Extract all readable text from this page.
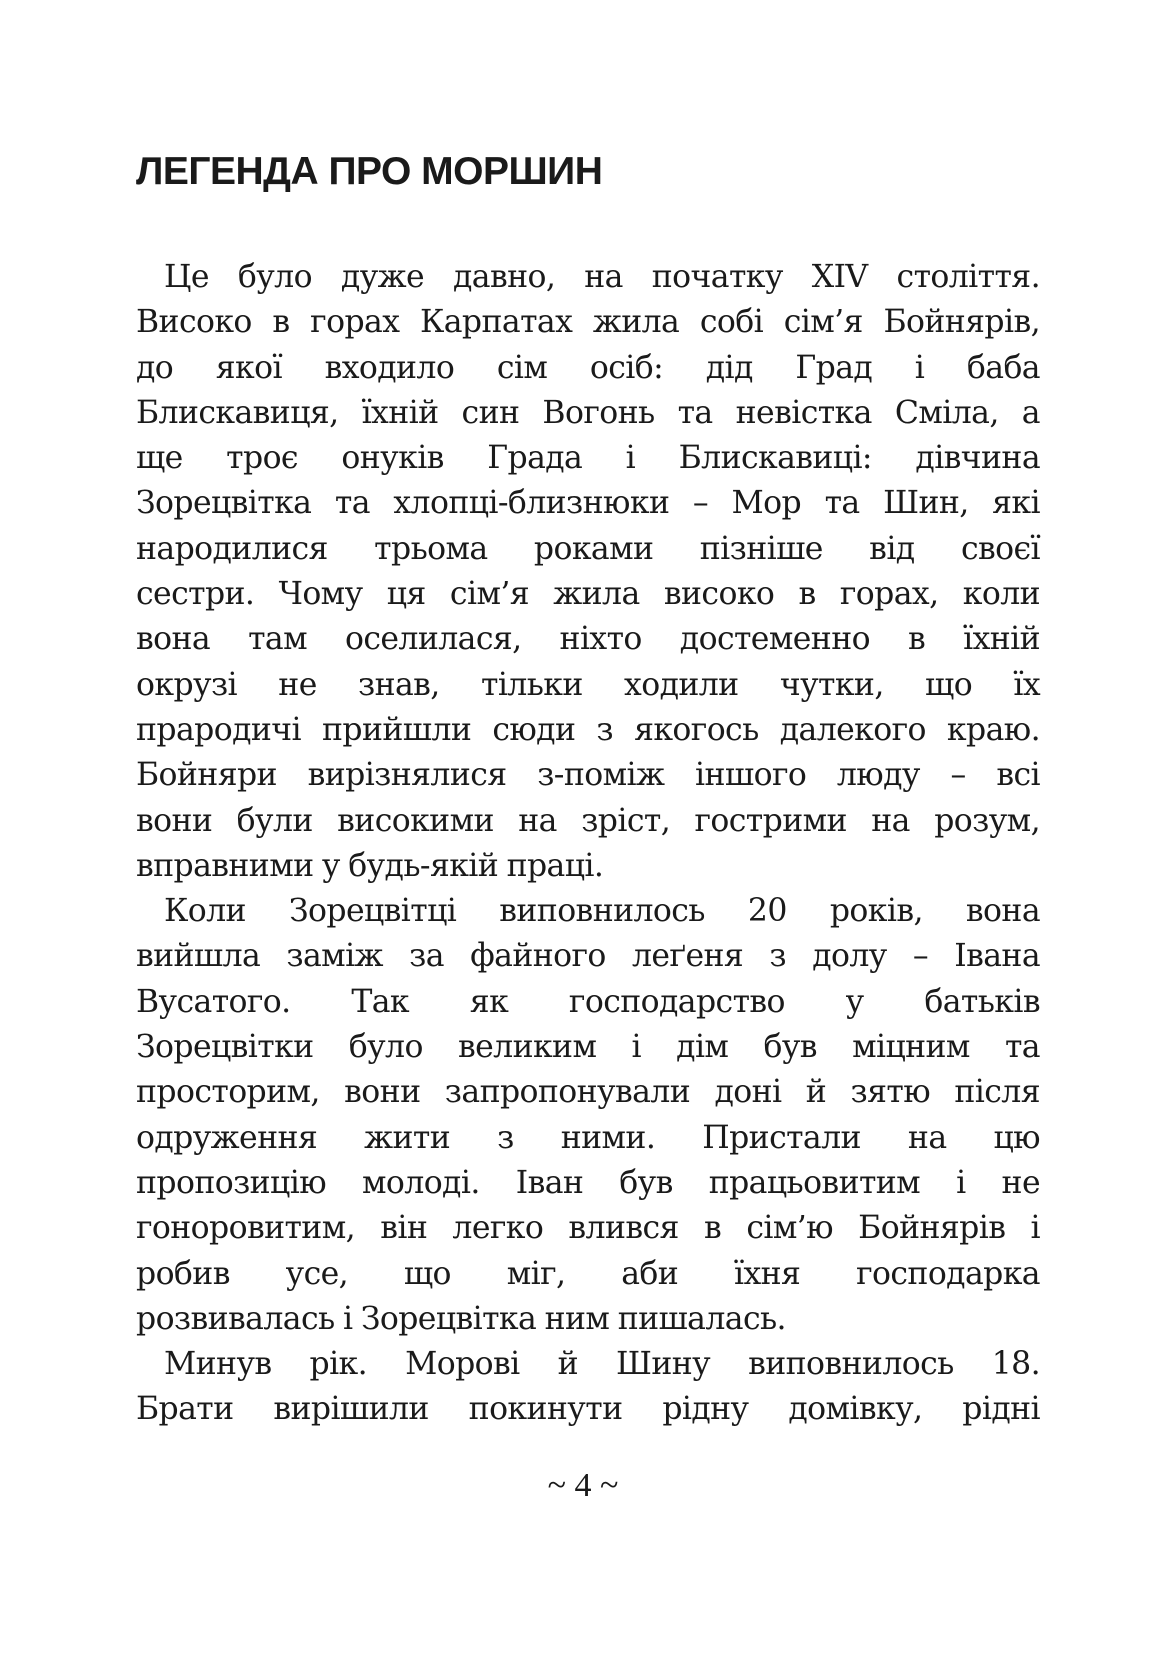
ЛЕГЕНДА ПРО МОРШИН
Це було дуже давно, на початку XIV століття.
Високо в горах Карпатах жила собі сім’я Бойнярів,
до якої входило сім осіб: дід Град і баба
Блискавиця, їхній син Вогонь та невістка Сміла, а
ще троє онуків Града і Блискавиці: дівчина
Зорецвітка та хлопці-близнюки – Мор та Шин, які
народилися трьома роками пізніше від своєї
сестри. Чому ця сім’я жила високо в горах, коли
вона там оселилася, ніхто достеменно в їхній
окрузі не знав, тільки ходили чутки, що їх
прародичі прийшли сюди з якогось далекого краю.
Бойняри вирізнялися з-поміж іншого люду – всі
вони були високими на зріст, гострими на розум,
вправними у будь-якій праці.
Коли Зорецвітці виповнилось 20 років, вона
вийшла заміж за файного леґеня з долу – Івана
Вусатого. Так як господарство у батьків
Зорецвітки було великим і дім був міцним та
просторим, вони запропонували доні й зятю після
одруження жити з ними. Пристали на цю
пропозицію молоді. Іван був працьовитим і не
гоноровитим, він легко влився в сім’ю Бойнярів і
робив усе, що міг, аби їхня господарка
розвивалась і Зорецвітка ним пишалась.
Минув рік. Морові й Шину виповнилось 18.
Брати вирішили покинути рідну домівку, рідні
~ 4 ~
